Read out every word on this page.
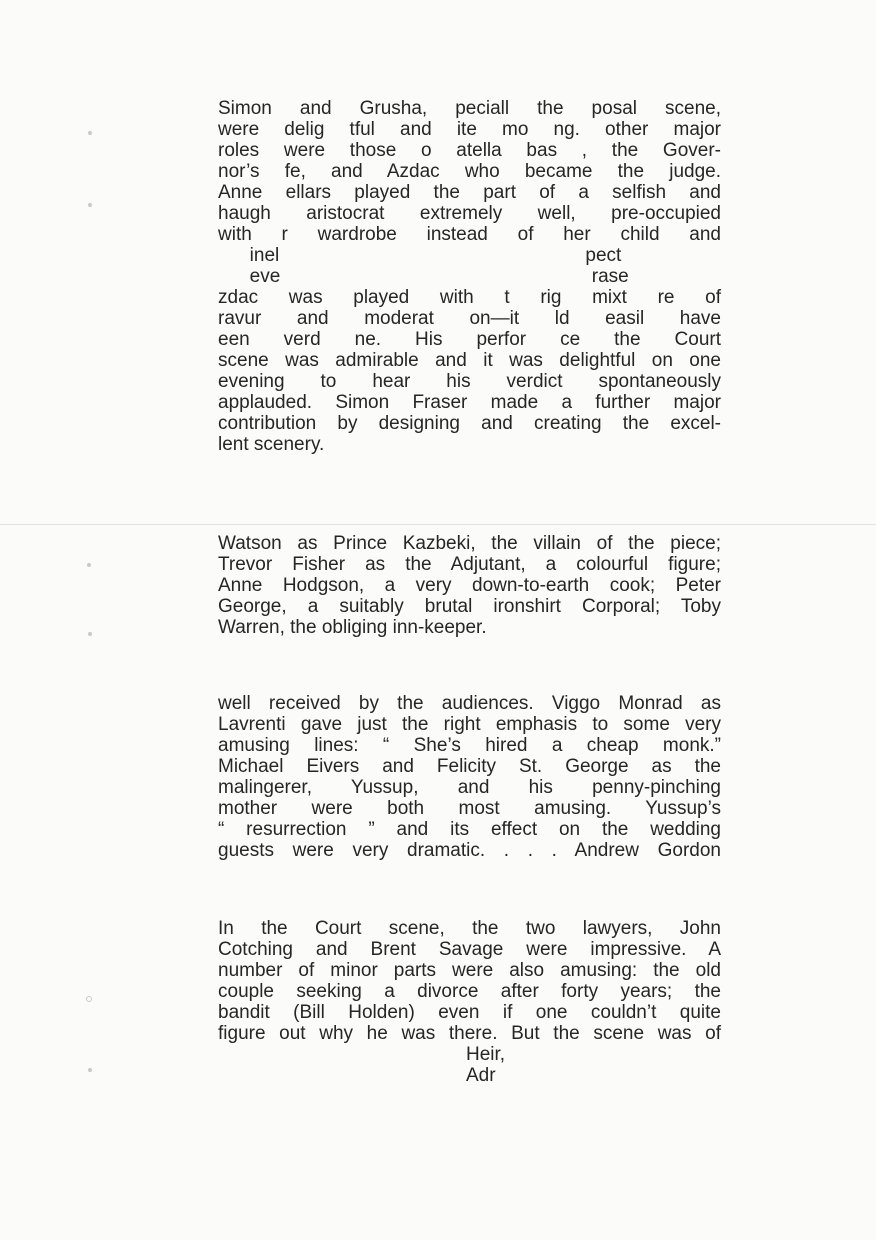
Simon and Grusha, peciall the posal scene,
were delig tful and ite mo ng. other major
roles were those o atella bas , the Gover-
nor’s fe, and Azdac who became the judge.
Anne ellars played the part of a selfish and
haugh aristocrat extremely well, pre-occupied
with r wardrobe instead of her child and
inel                                                          pect
eve                                                           rase
zdac was played with t rig mixt re of
ravur and moderat on—it ld easil have
een verd ne. His perfor ce the Court
scene was admirable and it was delightful on one
evening to hear his verdict spontaneously
applauded. Simon Fraser made a further major
contribution by designing and creating the excel-
lent scenery.
Watson as Prince Kazbeki, the villain of the piece;
Trevor Fisher as the Adjutant, a colourful figure;
Anne Hodgson, a very down-to-earth cook; Peter
George, a suitably brutal ironshirt Corporal; Toby
Warren, the obliging inn-keeper.
well received by the audiences. Viggo Monrad as
Lavrenti gave just the right emphasis to some very
amusing lines: “ She’s hired a cheap monk.”
Michael Eivers and Felicity St. George as the
malingerer, Yussup, and his penny-pinching
mother were both most amusing. Yussup’s
“ resurrection ” and its effect on the wedding
guests were very dramatic. . . . Andrew Gordon
In the Court scene, the two lawyers, John
Cotching and Brent Savage were impressive. A
number of minor parts were also amusing: the old
couple seeking a divorce after forty years; the
bandit (Bill Holden) even if one couldn’t quite
figure out why he was there. But the scene was of
Heir,
Adr
